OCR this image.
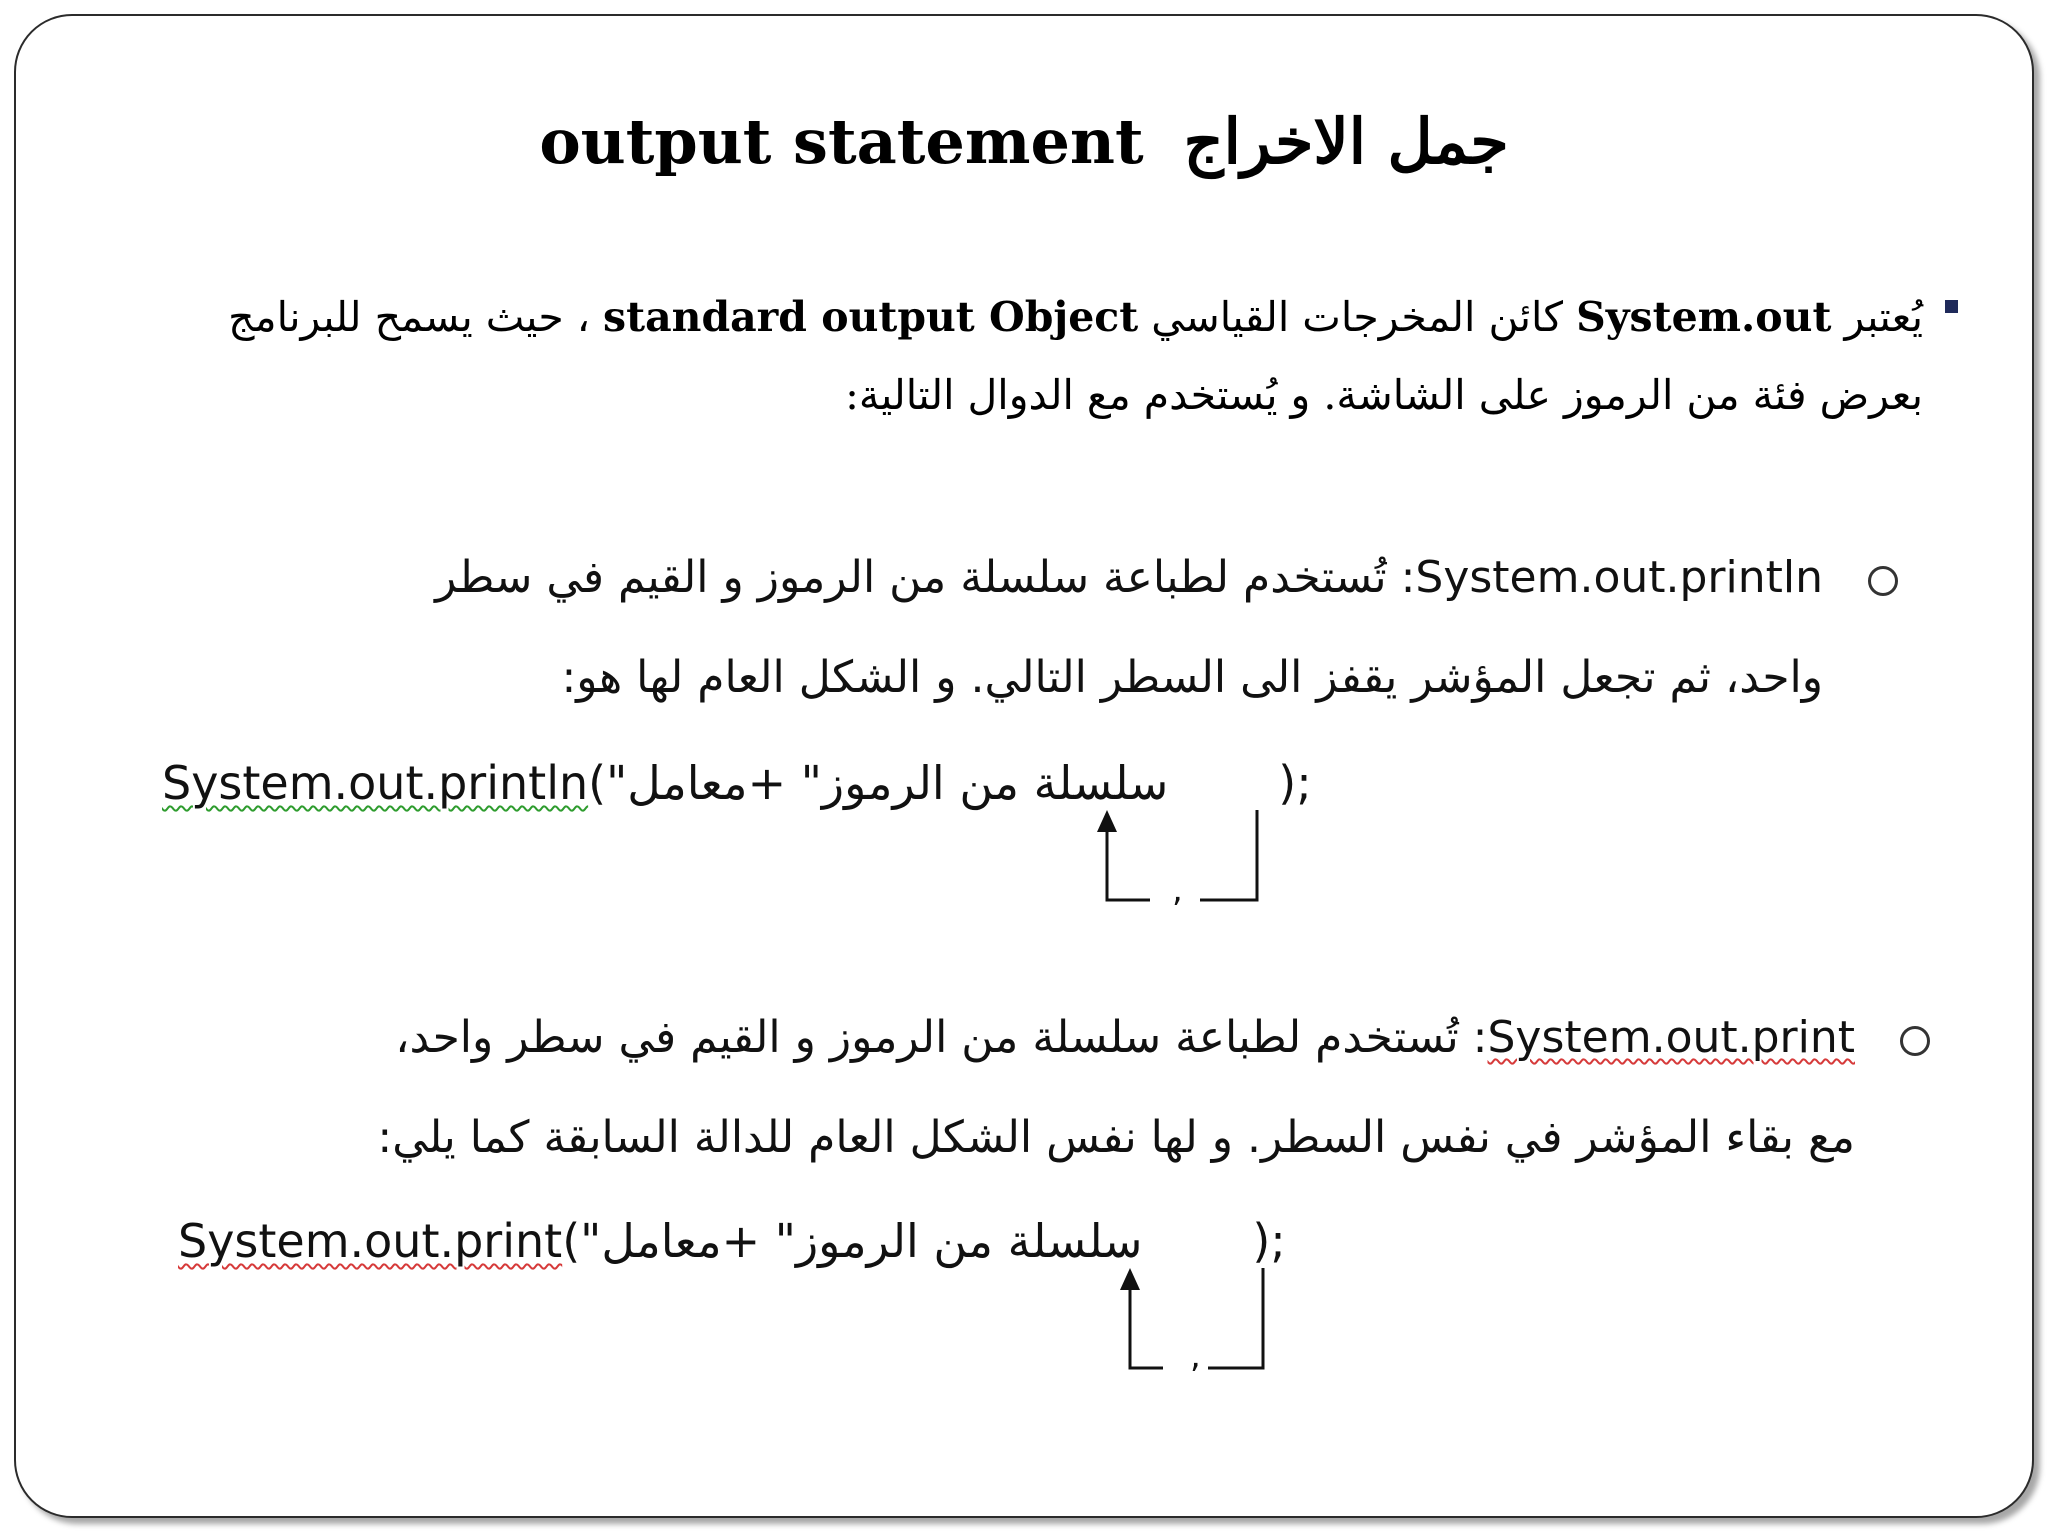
output statement جمل الاخراج
يُعتبر System.out كائن المخرجات القياسي standard output Object ، حيث يسمح للبرنامج بعرض فئة من الرموز على الشاشة. و يُستخدم مع الدوال التالية:
System.out.println: تُستخدم لطباعة سلسلة من الرموز و القيم في سطر
واحد، ثم تجعل المؤشر يقفز الى السطر التالي. و الشكل العام لها هو:
System.out.println("سلسلة من الرموز" +معامل	);
,
System.out.print: تُستخدم لطباعة سلسلة من الرموز و القيم في سطر واحد،
مع بقاء المؤشر في نفس السطر. و لها نفس الشكل العام للدالة السابقة كما يلي:
System.out.print("سلسلة من الرموز" +معامل	);
,
